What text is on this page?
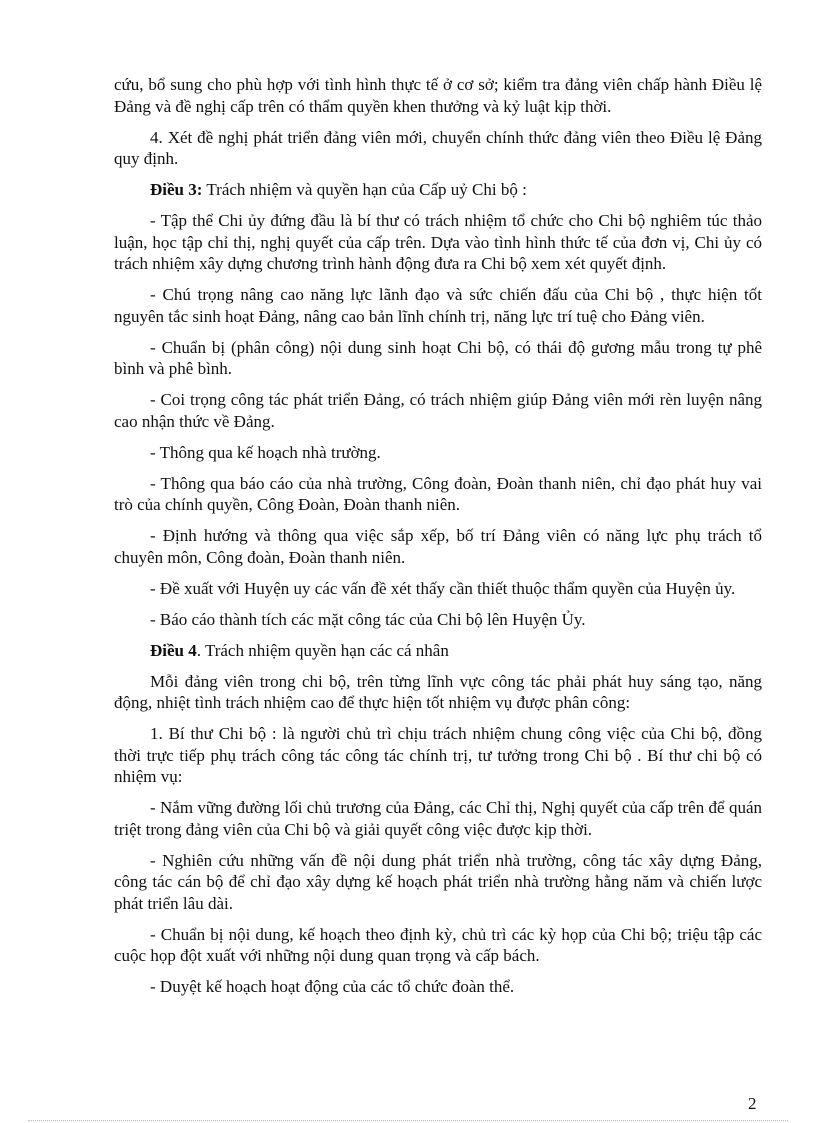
cứu, bổ sung cho phù hợp với tình hình thực tế ở cơ sở; kiểm tra đảng viên chấp hành Điều lệ Đảng và đề nghị cấp trên có thẩm quyền khen thưởng và kỷ luật kịp thời.

4. Xét đề nghị phát triển đảng viên mới, chuyển chính thức đảng viên theo Điều lệ Đảng quy định.

Điều 3: Trách nhiệm và quyền hạn của Cấp uỷ Chi bộ :

- Tập thể Chi ủy đứng đầu là bí thư có trách nhiệm tổ chức cho Chi bộ nghiêm túc thảo luận, học tập chỉ thị, nghị quyết của cấp trên. Dựa vào tình hình thức tế của đơn vị, Chi ủy có trách nhiệm xây dựng chương trình hành động đưa ra Chi bộ xem xét quyết định.

- Chú trọng nâng cao năng lực lãnh đạo và sức chiến đấu của Chi bộ , thực hiện tốt nguyên tắc sinh hoạt Đảng, nâng cao bản lĩnh chính trị, năng lực trí tuệ cho Đảng viên.

- Chuẩn bị (phân công) nội dung sinh hoạt Chi bộ, có thái độ gương mẫu trong tự phê bình và phê bình.

- Coi trọng công tác phát triển Đảng, có trách nhiệm giúp Đảng viên mới rèn luyện nâng cao nhận thức về Đảng.

- Thông qua kế hoạch nhà trường.

- Thông qua báo cáo của nhà trường, Công đoàn, Đoàn thanh niên, chỉ đạo phát huy vai trò của chính quyền, Công Đoàn, Đoàn thanh niên.

- Định hướng và thông qua việc sắp xếp, bố trí Đảng viên có năng lực phụ trách tổ chuyên môn, Công đoàn, Đoàn thanh niên.

- Đề xuất với Huyện uy các vấn đề xét thấy cần thiết thuộc thẩm quyền của Huyện ủy.

- Báo cáo thành tích các mặt công tác của Chi bộ lên Huyện Ủy.

Điều 4. Trách nhiệm quyền hạn các cá nhân

Mỗi đảng viên trong chi bộ, trên từng lĩnh vực công tác phải phát huy sáng tạo, năng động, nhiệt tình trách nhiệm cao để thực hiện tốt nhiệm vụ được phân công:

1. Bí thư Chi bộ : là người chủ trì chịu trách nhiệm chung công việc của Chi bộ, đồng thời trực tiếp phụ trách công tác công tác chính trị, tư tưởng trong Chi bộ . Bí thư chi bộ có nhiệm vụ:

- Nắm vững đường lối chủ trương của Đảng, các Chỉ thị, Nghị quyết của cấp trên để quán triệt trong đảng viên của Chi bộ và giải quyết công việc được kịp thời.

- Nghiên cứu những vấn đề nội dung phát triển nhà trường, công tác xây dựng Đảng, công tác cán bộ để chỉ đạo xây dựng kế hoạch phát triển nhà trường hằng năm và chiến lược phát triển lâu dài.

- Chuẩn bị nội dung, kế hoạch theo định kỳ, chủ trì các kỳ họp của Chi bộ; triệu tập các cuộc họp đột xuất với những nội dung quan trọng và cấp bách.

- Duyệt kế hoạch hoạt động của các tổ chức đoàn thể.

2
